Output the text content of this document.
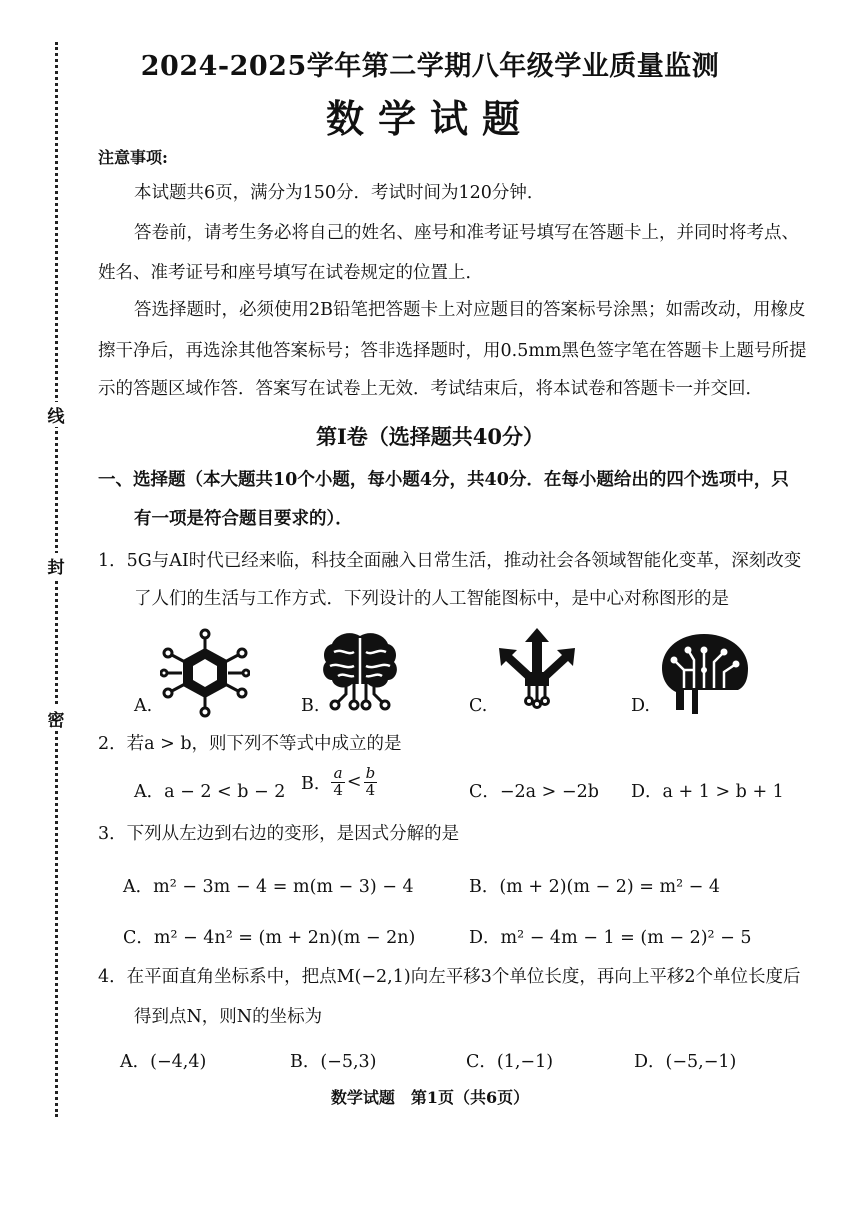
线
封
密
2024-2025学年第二学期八年级学业质量监测
数学试题
注意事项:
本试题共6页，满分为150分．考试时间为120分钟．
答卷前，请考生务必将自己的姓名、座号和准考证号填写在答题卡上，并同时将考点、
姓名、准考证号和座号填写在试卷规定的位置上．
答选择题时，必须使用2B铅笔把答题卡上对应题目的答案标号涂黑；如需改动，用橡皮
擦干净后，再选涂其他答案标号；答非选择题时，用0.5mm黑色签字笔在答题卡上题号所提
示的答题区域作答．答案写在试卷上无效．考试结束后，将本试卷和答题卡一并交回．
第I卷（选择题共40分）
一、选择题（本大题共10个小题，每小题4分，共40分．在每小题给出的四个选项中，只
有一项是符合题目要求的）．
1．5G与AI时代已经来临，科技全面融入日常生活，推动社会各领域智能化变革，深刻改变
了人们的生活与工作方式．下列设计的人工智能图标中，是中心对称图形的是
A.	B.	C.	D.
2．若a > b，则下列不等式中成立的是
A．a − 2 < b − 2 B． $\frac{a}{4} < \frac{b}{4}$	C．−2a > −2b D．a + 1 > b + 1
3．下列从左边到右边的变形，是因式分解的是
A．m² − 3m − 4 = m(m − 3) − 4	B．(m + 2)(m − 2) = m² − 4
C．m² − 4n² = (m + 2n)(m − 2n)	D．m² − 4m − 1 = (m − 2)² − 5
4．在平面直角坐标系中，把点M(−2,1)向左平移3个单位长度，再向上平移2个单位长度后
得到点N，则N的坐标为
A．(−4,4)	B．(−5,3)	C．(1,−1)	D．(−5,−1)
数学试题　第1页（共6页）
